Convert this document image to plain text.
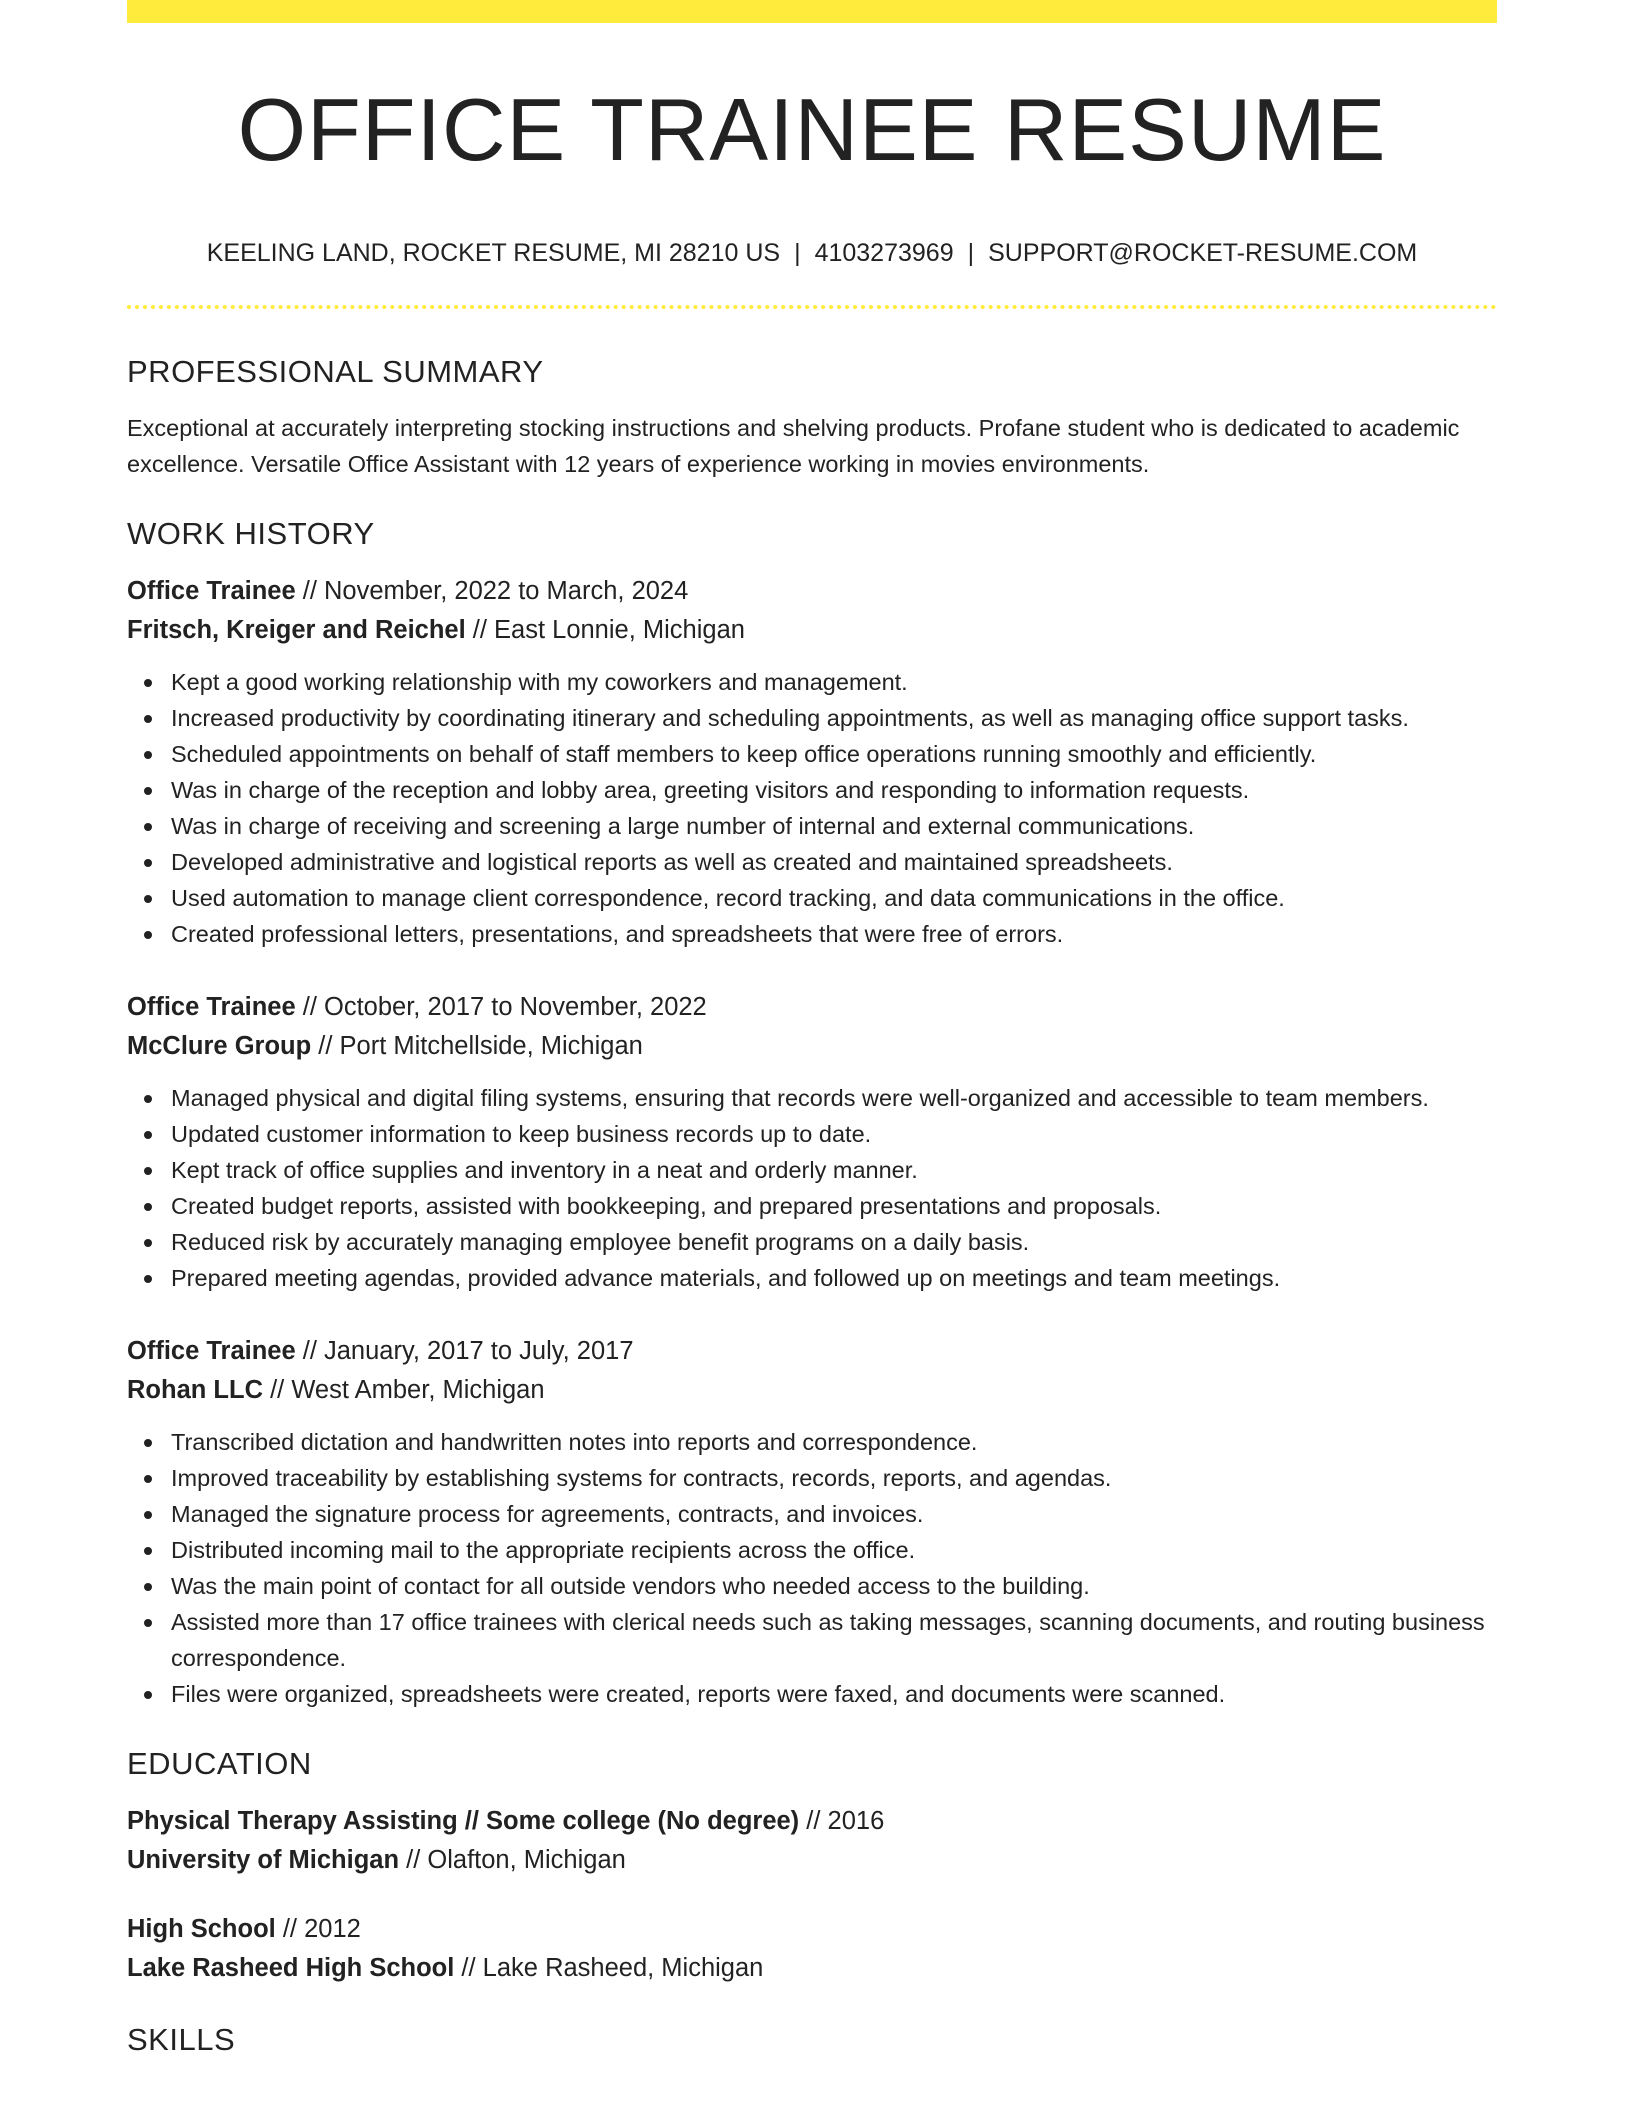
OFFICE TRAINEE RESUME
KEELING LAND, ROCKET RESUME, MI 28210 US | 4103273969 | SUPPORT@ROCKET-RESUME.COM
PROFESSIONAL SUMMARY

Exceptional at accurately interpreting stocking instructions and shelving products. Profane student who is dedicated to academic excellence. Versatile Office Assistant with 12 years of experience working in movies environments.

WORK HISTORY
Office Trainee // November, 2022 to March, 2024
Fritsch, Kreiger and Reichel // East Lonnie, Michigan
Kept a good working relationship with my coworkers and management.
Increased productivity by coordinating itinerary and scheduling appointments, as well as managing office support tasks.
Scheduled appointments on behalf of staff members to keep office operations running smoothly and efficiently.
Was in charge of the reception and lobby area, greeting visitors and responding to information requests.
Was in charge of receiving and screening a large number of internal and external communications.
Developed administrative and logistical reports as well as created and maintained spreadsheets.
Used automation to manage client correspondence, record tracking, and data communications in the office.
Created professional letters, presentations, and spreadsheets that were free of errors.
Office Trainee // October, 2017 to November, 2022
McClure Group // Port Mitchellside, Michigan
Managed physical and digital filing systems, ensuring that records were well-organized and accessible to team members.
Updated customer information to keep business records up to date.
Kept track of office supplies and inventory in a neat and orderly manner.
Created budget reports, assisted with bookkeeping, and prepared presentations and proposals.
Reduced risk by accurately managing employee benefit programs on a daily basis.
Prepared meeting agendas, provided advance materials, and followed up on meetings and team meetings.
Office Trainee // January, 2017 to July, 2017
Rohan LLC // West Amber, Michigan
Transcribed dictation and handwritten notes into reports and correspondence.
Improved traceability by establishing systems for contracts, records, reports, and agendas.
Managed the signature process for agreements, contracts, and invoices.
Distributed incoming mail to the appropriate recipients across the office.
Was the main point of contact for all outside vendors who needed access to the building.
Assisted more than 17 office trainees with clerical needs such as taking messages, scanning documents, and routing business correspondence.
Files were organized, spreadsheets were created, reports were faxed, and documents were scanned.
EDUCATION
Physical Therapy Assisting // Some college (No degree) // 2016
University of Michigan // Olafton, Michigan
High School // 2012
Lake Rasheed High School // Lake Rasheed, Michigan
SKILLS
